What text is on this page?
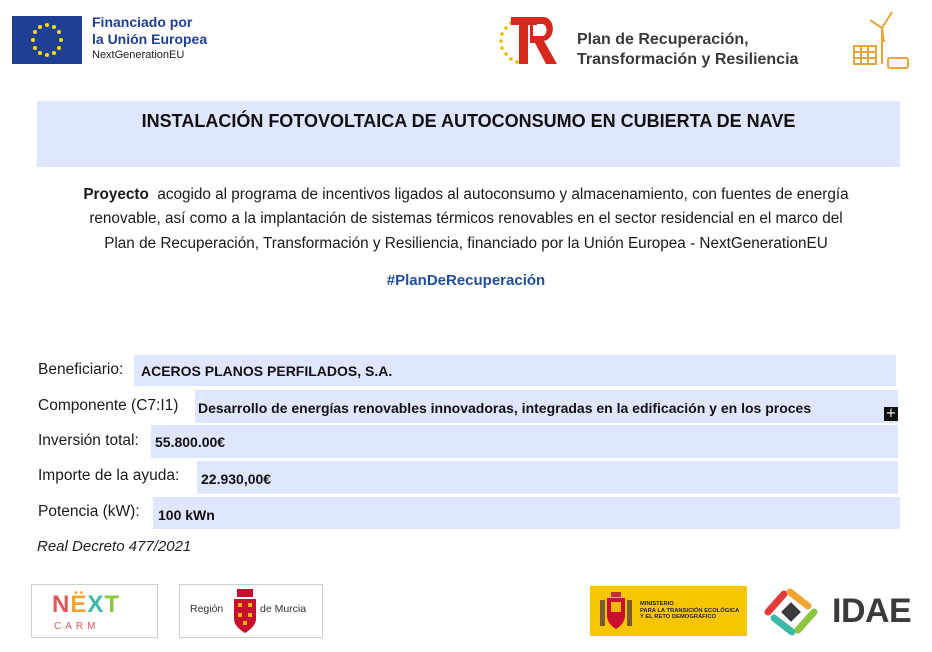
Financiado por
la Unión Europea
NextGenerationEU
Plan de Recuperación,
Transformación y Resiliencia
INSTALACIÓN FOTOVOLTAICA DE AUTOCONSUMO EN CUBIERTA DE NAVE
Proyecto acogido al programa de incentivos ligados al autoconsumo y almacenamiento, con fuentes de energía
renovable, así como a la implantación de sistemas térmicos renovables en el sector residencial en el marco del
Plan de Recuperación, Transformación y Resiliencia, financiado por la Unión Europea - NextGenerationEU
#PlanDeRecuperación
Beneficiario: ACEROS PLANOS PERFILADOS, S.A.
Componente (C7:I1) Desarrollo de energías renovables innovadoras, integradas en la edificación y en los proces	+
Inversión total: 55.800.00€
Importe de la ayuda: 22.930,00€
Potencia (kW): 100 kWn
Real Decreto 477/2021
NËXT
CARM
Región	de Murcia	MINISTERIO
PARA LA TRANSICIÓN ECOLÓGICA
Y EL RETO DEMOGRÁFICO	IDAE
